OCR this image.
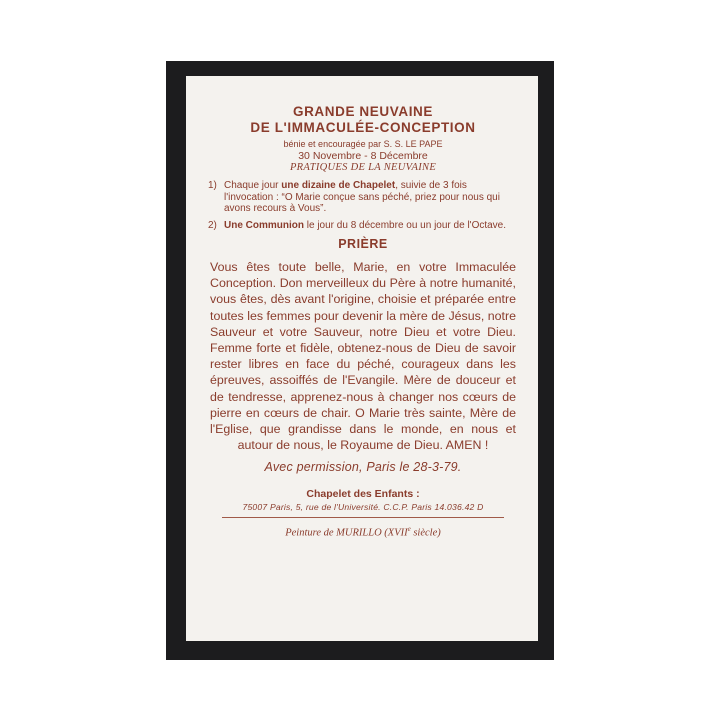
GRANDE NEUVAINE
DE L'IMMACULÉE-CONCEPTION
bénie et encouragée par S. S. LE PAPE
30 Novembre - 8 Décembre
PRATIQUES DE LA NEUVAINE
1) Chaque jour une dizaine de Chapelet, suivie de 3 fois l'invocation : “O Marie conçue sans péché, priez pour nous qui avons recours à Vous”.
2) Une Communion le jour du 8 décembre ou un jour de l'Octave.
PRIÈRE
Vous êtes toute belle, Marie, en votre Immaculée Conception. Don merveilleux du Père à notre humanité, vous êtes, dès avant l'origine, choisie et préparée entre toutes les femmes pour devenir la mère de Jésus, notre Sauveur et votre Sauveur, notre Dieu et votre Dieu. Femme forte et fidèle, obtenez-nous de Dieu de savoir rester libres en face du péché, courageux dans les épreuves, assoiffés de l'Evangile. Mère de douceur et de tendresse, apprenez-nous à changer nos cœurs de pierre en cœurs de chair. O Marie très sainte, Mère de l'Eglise, que grandisse dans le monde, en nous et autour de nous, le Royaume de Dieu. AMEN !
Avec permission, Paris le 28-3-79.
Chapelet des Enfants :
75007 Paris, 5, rue de l'Université. C.C.P. Paris 14.036.42 D
Peinture de MURILLO (XVIIe siècle)
